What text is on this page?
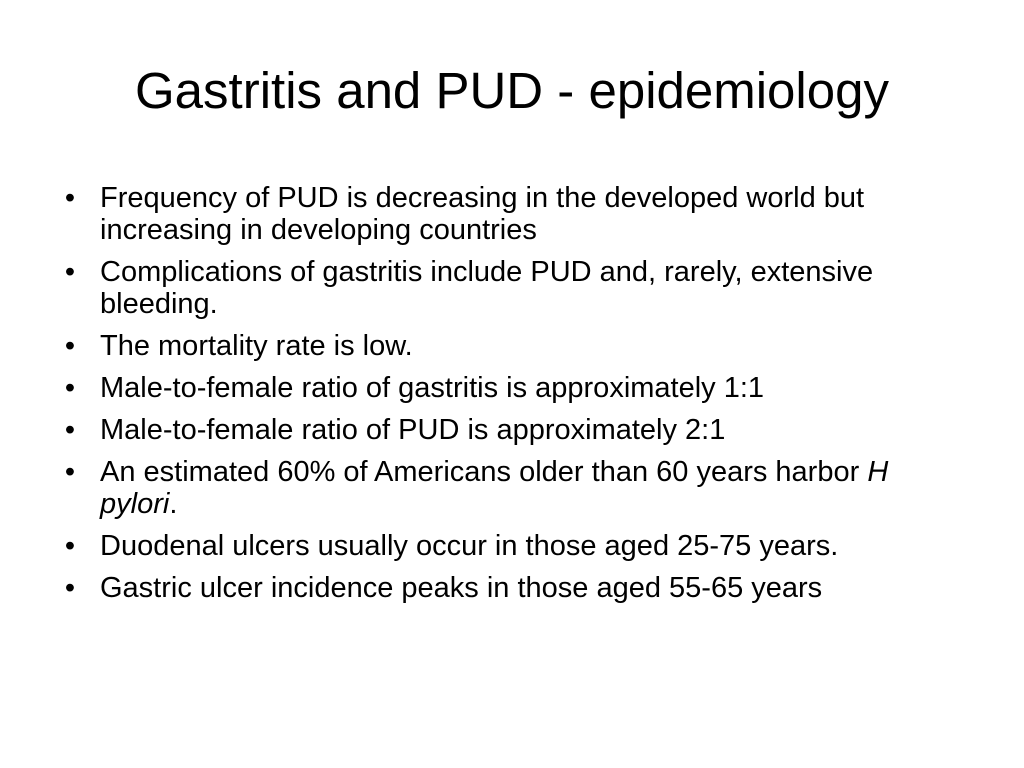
Gastritis and PUD - epidemiology
• Frequency of PUD is decreasing in the developed world but increasing in developing countries
• Complications of gastritis include PUD and, rarely, extensive bleeding.
• The mortality rate is low.
• Male-to-female ratio of gastritis is approximately 1:1
• Male-to-female ratio of PUD is approximately 2:1
• An estimated 60% of Americans older than 60 years harbor H pylori.
• Duodenal ulcers usually occur in those aged 25-75 years.
• Gastric ulcer incidence peaks in those aged 55-65 years
